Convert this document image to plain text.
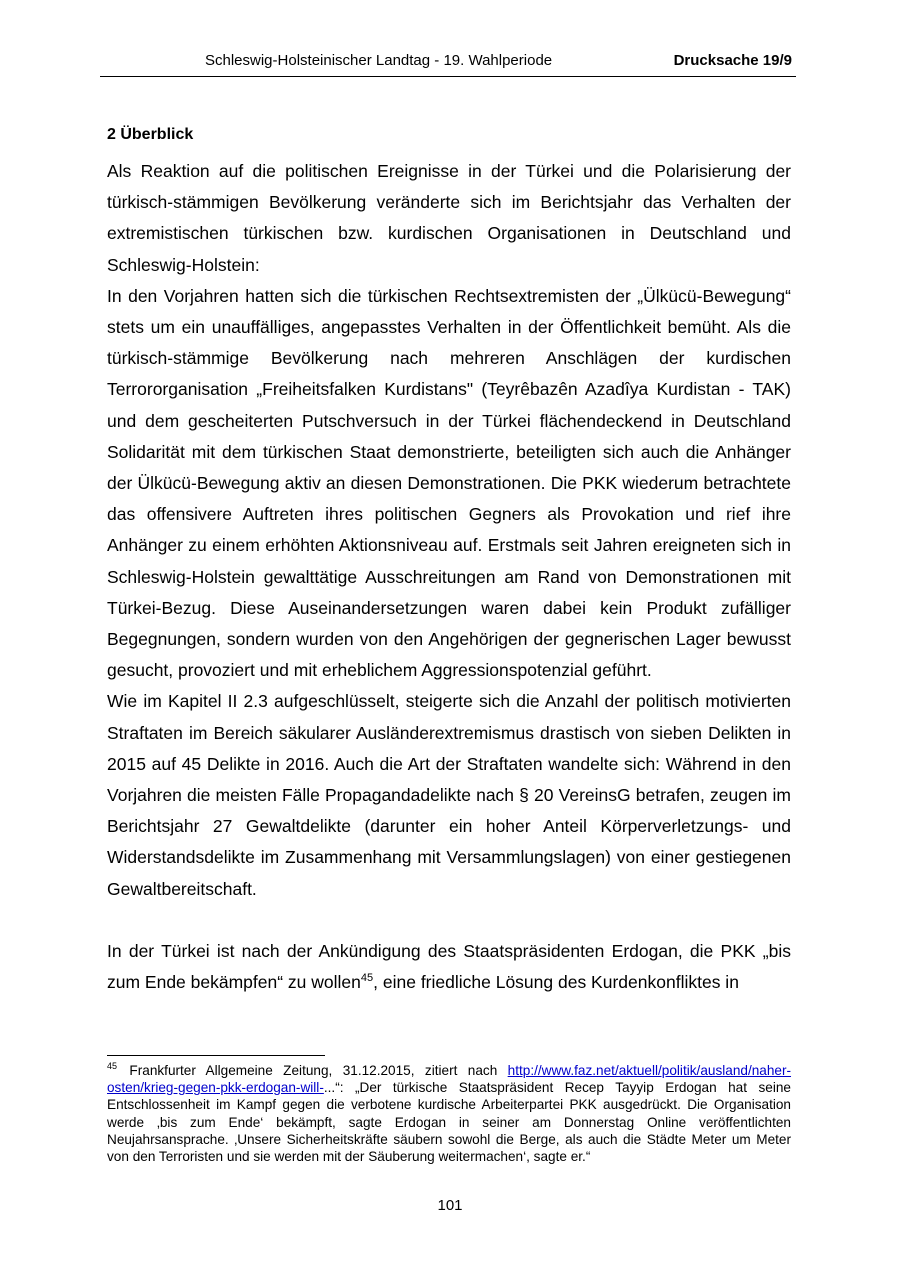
Schleswig-Holsteinischer Landtag - 19. Wahlperiode	Drucksache 19/9
2 Überblick

Als Reaktion auf die politischen Ereignisse in der Türkei und die Polarisierung der türkisch-stämmigen Bevölkerung veränderte sich im Berichtsjahr das Verhalten der extremistischen türkischen bzw. kurdischen Organisationen in Deutschland und Schleswig-Holstein:

In den Vorjahren hatten sich die türkischen Rechtsextremisten der „Ülkücü-Bewegung“ stets um ein unauffälliges, angepasstes Verhalten in der Öffentlichkeit bemüht. Als die türkisch-stämmige Bevölkerung nach mehreren Anschlägen der kurdischen Terrororganisation „Freiheitsfalken Kurdistans" (Teyrêbazên Azadîya Kurdistan - TAK) und dem gescheiterten Putschversuch in der Türkei flächendeckend in Deutschland Solidarität mit dem türkischen Staat demonstrierte, beteiligten sich auch die Anhänger der Ülkücü-Bewegung aktiv an diesen Demonstrationen. Die PKK wiederum betrachtete das offensivere Auftreten ihres politischen Gegners als Provokation und rief ihre Anhänger zu einem erhöhten Aktionsniveau auf. Erstmals seit Jahren ereigneten sich in Schleswig-Holstein gewalttätige Ausschreitungen am Rand von Demonstrationen mit Türkei-Bezug. Diese Auseinandersetzungen waren dabei kein Produkt zufälliger Begegnungen, sondern wurden von den Angehörigen der gegnerischen Lager bewusst gesucht, provoziert und mit erheblichem Aggressionspotenzial geführt.

Wie im Kapitel II 2.3 aufgeschlüsselt, steigerte sich die Anzahl der politisch motivierten Straftaten im Bereich säkularer Ausländerextremismus drastisch von sieben Delikten in 2015 auf 45 Delikte in 2016. Auch die Art der Straftaten wandelte sich: Während in den Vorjahren die meisten Fälle Propagandadelikte nach § 20 VereinsG betrafen, zeugen im Berichtsjahr 27 Gewaltdelikte (darunter ein hoher Anteil Körperverletzungs- und Widerstandsdelikte im Zusammenhang mit Versammlungslagen) von einer gestiegenen Gewaltbereitschaft.

In der Türkei ist nach der Ankündigung des Staatspräsidenten Erdogan, die PKK „bis zum Ende bekämpfen“ zu wollen$^{45}$, eine friedliche Lösung des Kurdenkonfliktes in

$^{45}$ Frankfurter Allgemeine Zeitung, 31.12.2015, zitiert nach http://www.faz.net/aktuell/politik/ausland/naher-osten/krieg-gegen-pkk-erdogan-will-...“: „Der türkische Staatspräsident Recep Tayyip Erdogan hat seine Entschlossenheit im Kampf gegen die verbotene kurdische Arbeiterpartei PKK ausgedrückt. Die Organisation werde ‚bis zum Ende‘ bekämpft, sagte Erdogan in seiner am Donnerstag Online veröffentlichten Neujahrsansprache. ‚Unsere Sicherheitskräfte säubern sowohl die Berge, als auch die Städte Meter um Meter von den Terroristen und sie werden mit der Säuberung weitermachen‘, sagte er.“
101
